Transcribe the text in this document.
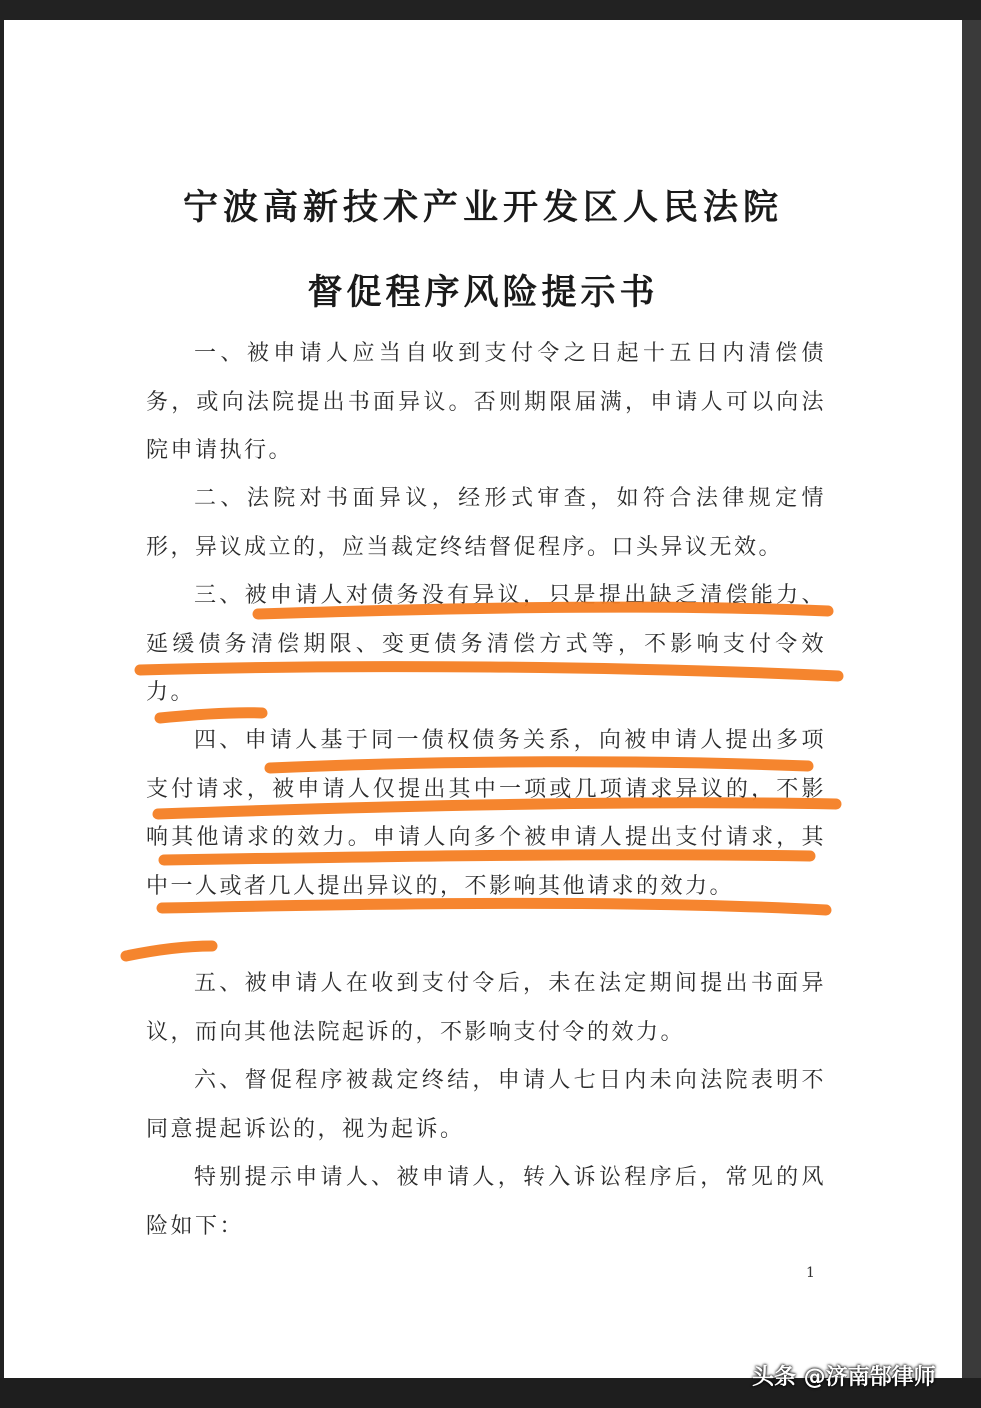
宁波高新技术产业开发区人民法院
督促程序风险提示书

一、被申请人应当自收到支付令之日起十五日内清偿债务，或向法院提出书面异议。否则期限届满，申请人可以向法院申请执行。

二、法院对书面异议，经形式审查，如符合法律规定情形，异议成立的，应当裁定终结督促程序。口头异议无效。

三、被申请人对债务没有异议，只是提出缺乏清偿能力、延缓债务清偿期限、变更债务清偿方式等，不影响支付令效力。

四、申请人基于同一债权债务关系，向被申请人提出多项支付请求，被申请人仅提出其中一项或几项请求异议的，不影响其他请求的效力。申请人向多个被申请人提出支付请求，其中一人或者几人提出异议的，不影响其他请求的效力。

五、被申请人在收到支付令后，未在法定期间提出书面异议，而向其他法院起诉的，不影响支付令的效力。

六、督促程序被裁定终结，申请人七日内未向法院表明不同意提起诉讼的，视为起诉。

特别提示申请人、被申请人，转入诉讼程序后，常见的风险如下：

1
头条 @济南郜律师
